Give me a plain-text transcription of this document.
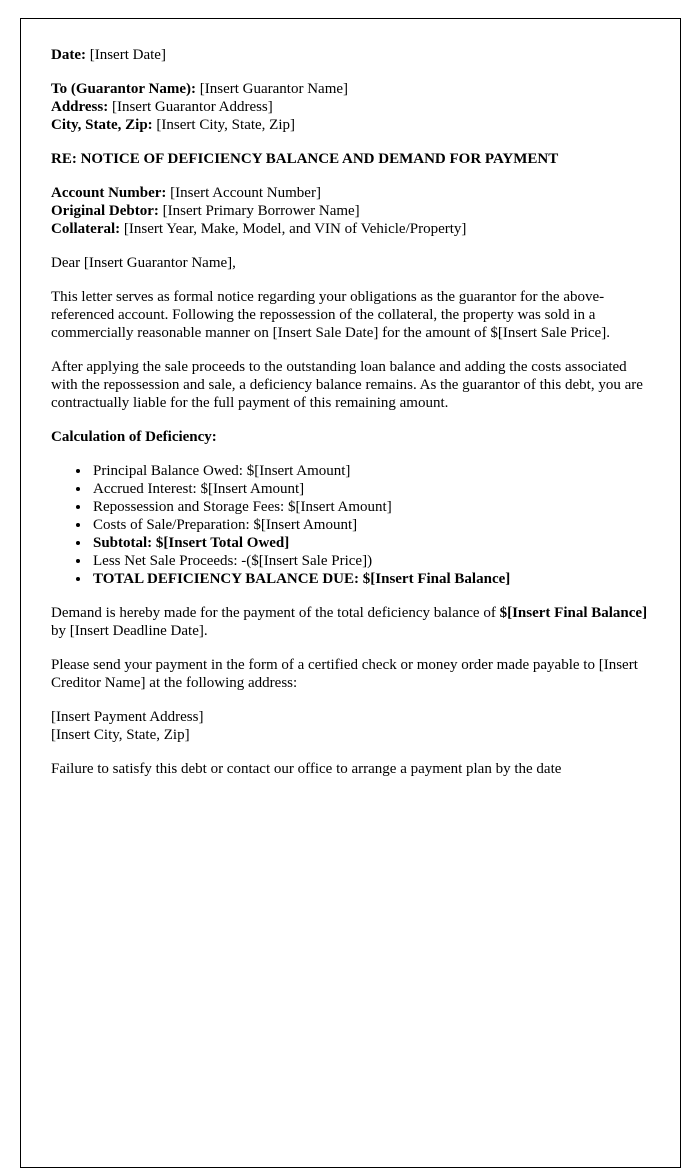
Date: [Insert Date]

To (Guarantor Name): [Insert Guarantor Name]
Address: [Insert Guarantor Address]
City, State, Zip: [Insert City, State, Zip]

RE: NOTICE OF DEFICIENCY BALANCE AND DEMAND FOR PAYMENT

Account Number: [Insert Account Number]
Original Debtor: [Insert Primary Borrower Name]
Collateral: [Insert Year, Make, Model, and VIN of Vehicle/Property]

Dear [Insert Guarantor Name],

This letter serves as formal notice regarding your obligations as the guarantor for the above-referenced account. Following the repossession of the collateral, the property was sold in a commercially reasonable manner on [Insert Sale Date] for the amount of $[Insert Sale Price].

After applying the sale proceeds to the outstanding loan balance and adding the costs associated with the repossession and sale, a deficiency balance remains. As the guarantor of this debt, you are contractually liable for the full payment of this remaining amount.

Calculation of Deficiency:

• Principal Balance Owed: $[Insert Amount]
• Accrued Interest: $[Insert Amount]
• Repossession and Storage Fees: $[Insert Amount]
• Costs of Sale/Preparation: $[Insert Amount]
• Subtotal: $[Insert Total Owed]
• Less Net Sale Proceeds: -($[Insert Sale Price])
• TOTAL DEFICIENCY BALANCE DUE: $[Insert Final Balance]

Demand is hereby made for the payment of the total deficiency balance of $[Insert Final Balance] by [Insert Deadline Date].

Please send your payment in the form of a certified check or money order made payable to [Insert Creditor Name] at the following address:

[Insert Payment Address]
[Insert City, State, Zip]

Failure to satisfy this debt or contact our office to arrange a payment plan by the date
